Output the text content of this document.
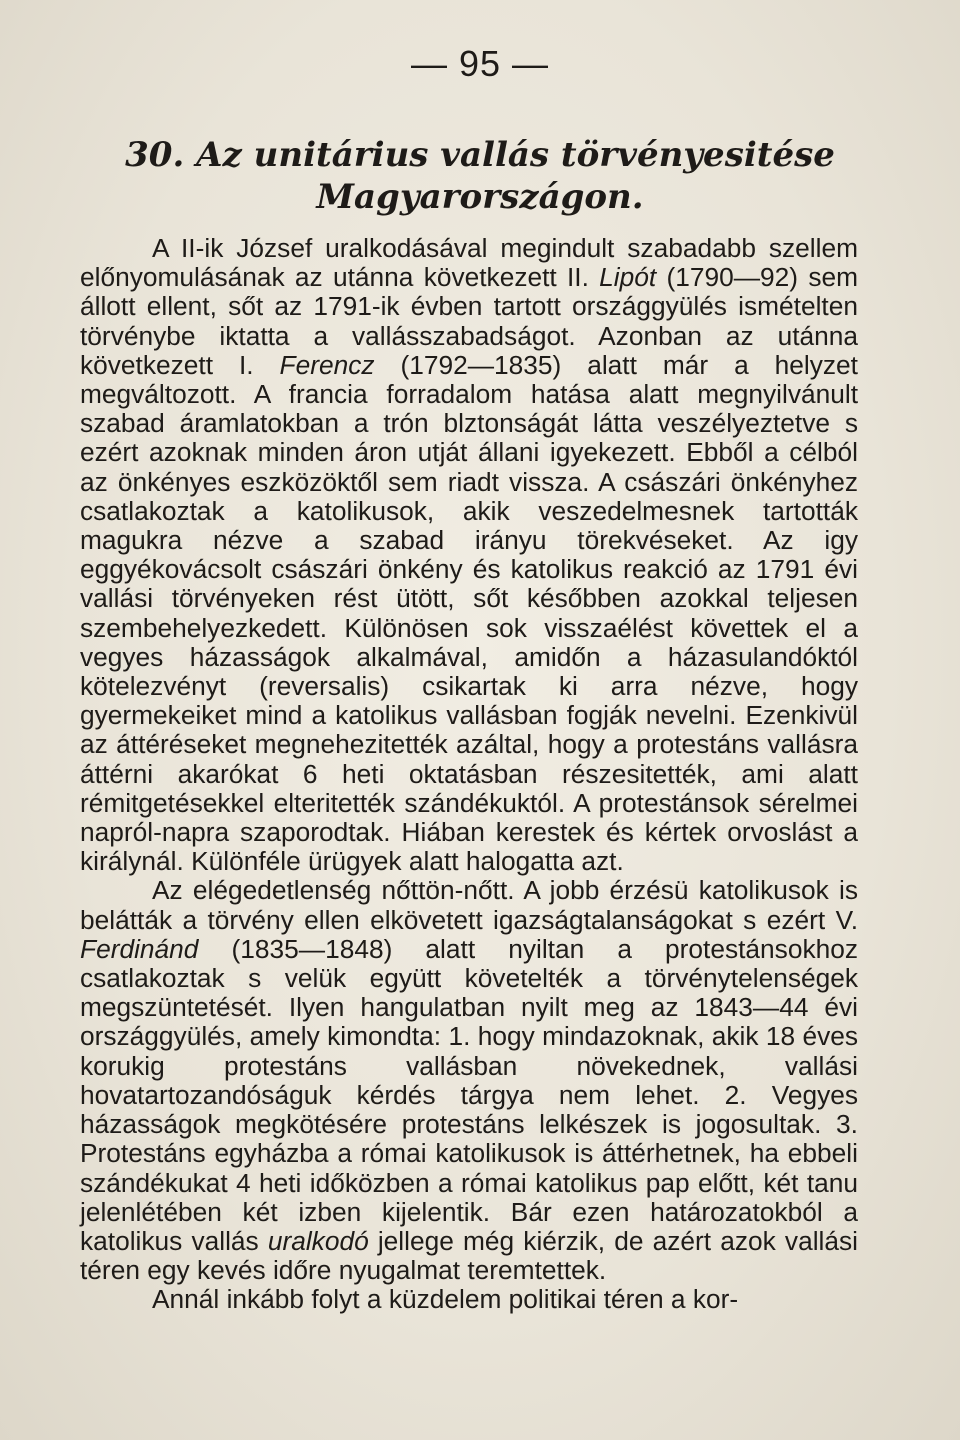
— 95 —
30. Az unitárius vallás törvényesitése
Magyarországon.

A II-ik József uralkodásával megindult szabadabb szellem előnyomulásának az utánna következett II. Lipót (1790—92) sem állott ellent, sőt az 1791-ik évben tartott országgyülés ismételten törvénybe iktatta a vallásszabadságot. Azonban az utánna következett I. Ferencz (1792—1835) alatt már a helyzet megváltozott. A francia forradalom hatása alatt megnyilvánult szabad áramlatokban a trón blztonságát látta veszélyeztetve s ezért azoknak minden áron utját állani igyekezett. Ebből a célból az önkényes eszközöktől sem riadt vissza. A császári önkényhez csatlakoztak a katolikusok, akik veszedelmesnek tartották magukra nézve a szabad irányu törekvéseket. Az igy eggyékovácsolt császári önkény és katolikus reakció az 1791 évi vallási törvényeken rést ütött, sőt későbben azokkal teljesen szembehelyezkedett. Különösen sok visszaélést követtek el a vegyes házasságok alkalmával, amidőn a házasulandóktól kötelezvényt (reversalis) csikartak ki arra nézve, hogy gyermekeiket mind a katolikus vallásban fogják nevelni. Ezenkivül az áttéréseket megnehezitették azáltal, hogy a protestáns vallásra áttérni akarókat 6 heti oktatásban részesitették, ami alatt rémitgetésekkel elteritették szándékuktól. A protestánsok sérelmei napról-napra szaporodtak. Hiában kerestek és kértek orvoslást a királynál. Különféle ürügyek alatt halogatta azt.

Az elégedetlenség nőttön-nőtt. A jobb érzésü katolikusok is belátták a törvény ellen elkövetett igazságtalanságokat s ezért V. Ferdinánd (1835—1848) alatt nyiltan a protestánsokhoz csatlakoztak s velük együtt követelték a törvénytelenségek megszüntetését. Ilyen hangulatban nyilt meg az 1843—44 évi országgyülés, amely kimondta: 1. hogy mindazoknak, akik 18 éves korukig protestáns vallásban növekednek, vallási hovatartozandóságuk kérdés tárgya nem lehet. 2. Vegyes házasságok megkötésére protestáns lelkészek is jogosultak. 3. Protestáns egyházba a római katolikusok is áttérhetnek, ha ebbeli szándékukat 4 heti időközben a római katolikus pap előtt, két tanu jelenlétében két izben kijelentik. Bár ezen határozatokból a katolikus vallás uralkodó jellege még kiérzik, de azért azok vallási téren egy kevés időre nyugalmat teremtettek.

Annál inkább folyt a küzdelem politikai téren a kor-
